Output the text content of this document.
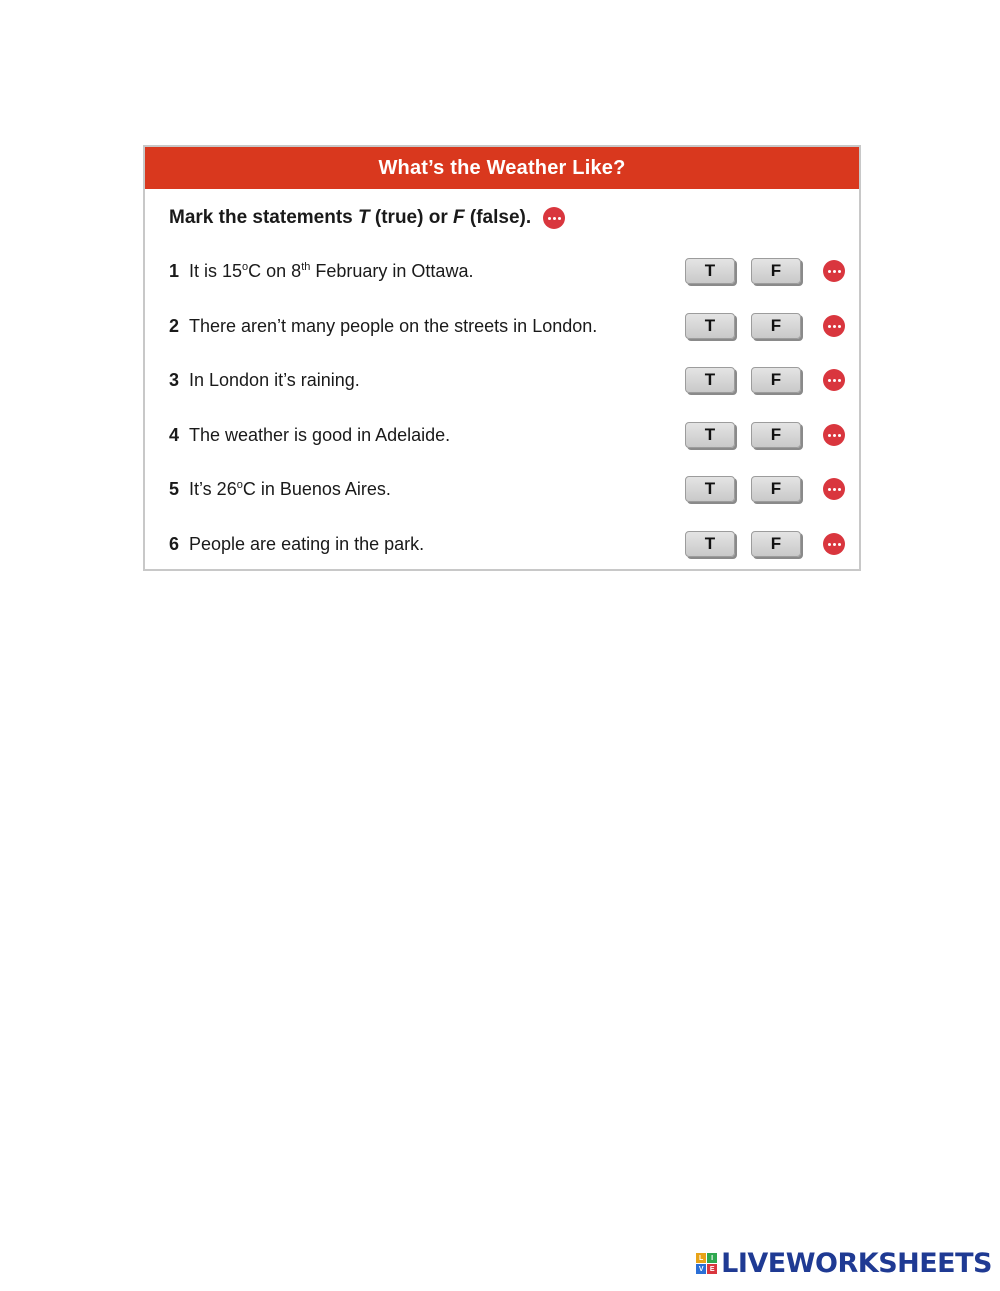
What’s the Weather Like?
Mark the statements T (true) or F (false).
1 It is 15$^o$C on 8th February in Ottawa.	T	F
2 There aren’t many people on the streets in London.	T	F
3 In London it’s raining.	T	F
4 The weather is good in Adelaide.	T	F
5 It’s 26$^o$C in Buenos Aires.	T	F
6 People are eating in the park.	T	F
L	I
V E LIVEWORKSHEETS
